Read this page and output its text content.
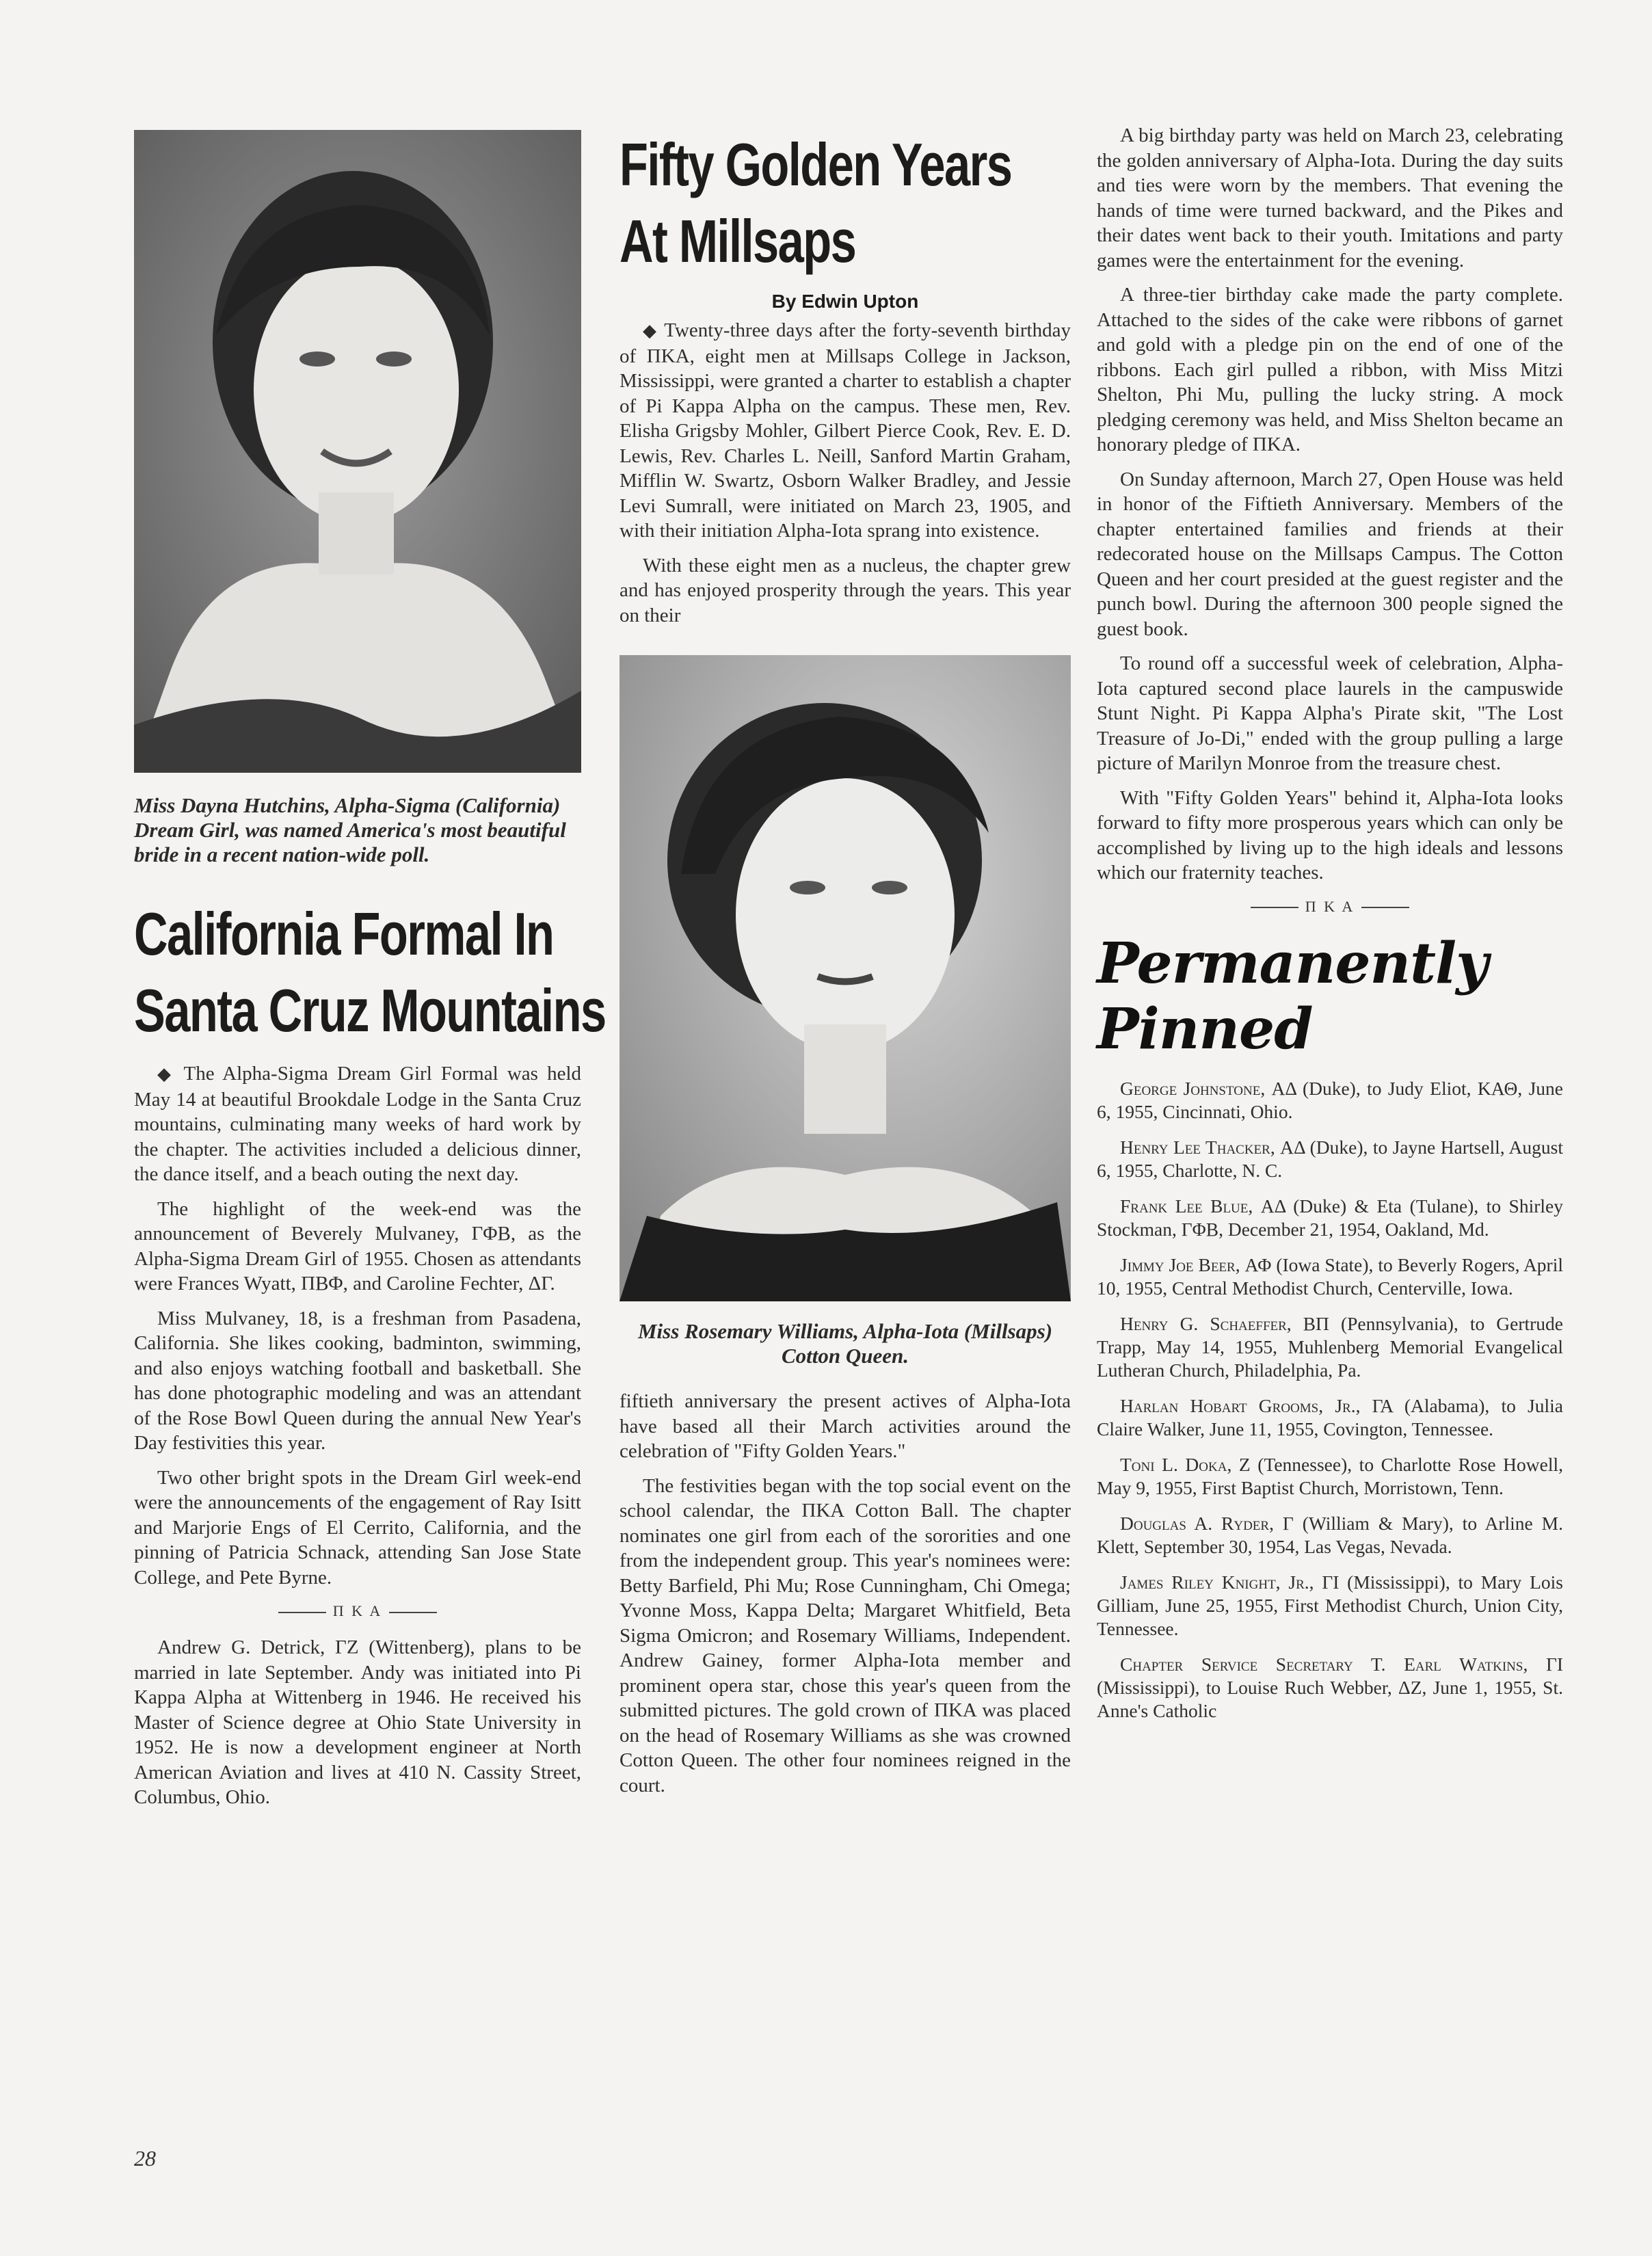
Miss Dayna Hutchins, Alpha-Sigma (California) Dream Girl, was named America's most beautiful bride in a recent nation-wide poll.

California Formal In
Santa Cruz Mountains

◆ The Alpha-Sigma Dream Girl Formal was held May 14 at beautiful Brookdale Lodge in the Santa Cruz mountains, culminating many weeks of hard work by the chapter. The activities included a delicious dinner, the dance itself, and a beach outing the next day.

The highlight of the week-end was the announcement of Beverely Mulvaney, ΓΦΒ, as the Alpha-Sigma Dream Girl of 1955. Chosen as attendants were Frances Wyatt, ΠΒΦ, and Caroline Fechter, ΔΓ.

Miss Mulvaney, 18, is a freshman from Pasadena, California. She likes cooking, badminton, swimming, and also enjoys watching football and basketball. She has done photographic modeling and was an attendant of the Rose Bowl Queen during the annual New Year's Day festivities this year.

Two other bright spots in the Dream Girl week-end were the announcements of the engagement of Ray Isitt and Marjorie Engs of El Cerrito, California, and the pinning of Patricia Schnack, attending San Jose State College, and Pete Byrne.

Π Κ Α

Andrew G. Detrick, ΓΖ (Wittenberg), plans to be married in late September. Andy was initiated into Pi Kappa Alpha at Wittenberg in 1946. He received his Master of Science degree at Ohio State University in 1952. He is now a development engineer at North American Aviation and lives at 410 N. Cassity Street, Columbus, Ohio.

Fifty Golden Years
At Millsaps
By Edwin Upton

◆ Twenty-three days after the forty-seventh birthday of ΠΚΑ, eight men at Millsaps College in Jackson, Mississippi, were granted a charter to establish a chapter of Pi Kappa Alpha on the campus. These men, Rev. Elisha Grigsby Mohler, Gilbert Pierce Cook, Rev. E. D. Lewis, Rev. Charles L. Neill, Sanford Martin Graham, Mifflin W. Swartz, Osborn Walker Bradley, and Jessie Levi Sumrall, were initiated on March 23, 1905, and with their initiation Alpha-Iota sprang into existence.

With these eight men as a nucleus, the chapter grew and has enjoyed prosperity through the years. This year on their

Miss Rosemary Williams, Alpha-Iota (Millsaps) Cotton Queen.

fiftieth anniversary the present actives of Alpha-Iota have based all their March activities around the celebration of "Fifty Golden Years."

The festivities began with the top social event on the school calendar, the ΠΚΑ Cotton Ball. The chapter nominates one girl from each of the sororities and one from the independent group. This year's nominees were: Betty Barfield, Phi Mu; Rose Cunningham, Chi Omega; Yvonne Moss, Kappa Delta; Margaret Whitfield, Beta Sigma Omicron; and Rosemary Williams, Independent. Andrew Gainey, former Alpha-Iota member and prominent opera star, chose this year's queen from the submitted pictures. The gold crown of ΠΚΑ was placed on the head of Rosemary Williams as she was crowned Cotton Queen. The other four nominees reigned in the court.

A big birthday party was held on March 23, celebrating the golden anniversary of Alpha-Iota. During the day suits and ties were worn by the members. That evening the hands of time were turned backward, and the Pikes and their dates went back to their youth. Imitations and party games were the entertainment for the evening.

A three-tier birthday cake made the party complete. Attached to the sides of the cake were ribbons of garnet and gold with a pledge pin on the end of one of the ribbons. Each girl pulled a ribbon, with Miss Mitzi Shelton, Phi Mu, pulling the lucky string. A mock pledging ceremony was held, and Miss Shelton became an honorary pledge of ΠΚΑ.

On Sunday afternoon, March 27, Open House was held in honor of the Fiftieth Anniversary. Members of the chapter entertained families and friends at their redecorated house on the Millsaps Campus. The Cotton Queen and her court presided at the guest register and the punch bowl. During the afternoon 300 people signed the guest book.

To round off a successful week of celebration, Alpha-Iota captured second place laurels in the campuswide Stunt Night. Pi Kappa Alpha's Pirate skit, "The Lost Treasure of Jo-Di," ended with the group pulling a large picture of Marilyn Monroe from the treasure chest.

With "Fifty Golden Years" behind it, Alpha-Iota looks forward to fifty more prosperous years which can only be accomplished by living up to the high ideals and lessons which our fraternity teaches.

Π Κ Α
Permanently Pinned

George Johnstone, ΑΔ (Duke), to Judy Eliot, ΚΑΘ, June 6, 1955, Cincinnati, Ohio.

Henry Lee Thacker, ΑΔ (Duke), to Jayne Hartsell, August 6, 1955, Charlotte, N. C.

Frank Lee Blue, ΑΔ (Duke) & Eta (Tulane), to Shirley Stockman, ΓΦΒ, December 21, 1954, Oakland, Md.

Jimmy Joe Beer, ΑΦ (Iowa State), to Beverly Rogers, April 10, 1955, Central Methodist Church, Centerville, Iowa.

Henry G. Schaeffer, ΒΠ (Pennsylvania), to Gertrude Trapp, May 14, 1955, Muhlenberg Memorial Evangelical Lutheran Church, Philadelphia, Pa.

Harlan Hobart Grooms, Jr., ΓΑ (Alabama), to Julia Claire Walker, June 11, 1955, Covington, Tennessee.

Toni L. Doka, Ζ (Tennessee), to Charlotte Rose Howell, May 9, 1955, First Baptist Church, Morristown, Tenn.

Douglas A. Ryder, Γ (William & Mary), to Arline M. Klett, September 30, 1954, Las Vegas, Nevada.

James Riley Knight, Jr., ΓΙ (Mississippi), to Mary Lois Gilliam, June 25, 1955, First Methodist Church, Union City, Tennessee.

Chapter Service Secretary T. Earl Watkins, ΓΙ (Mississippi), to Louise Ruch Webber, ΔΖ, June 1, 1955, St. Anne's Catholic

28
